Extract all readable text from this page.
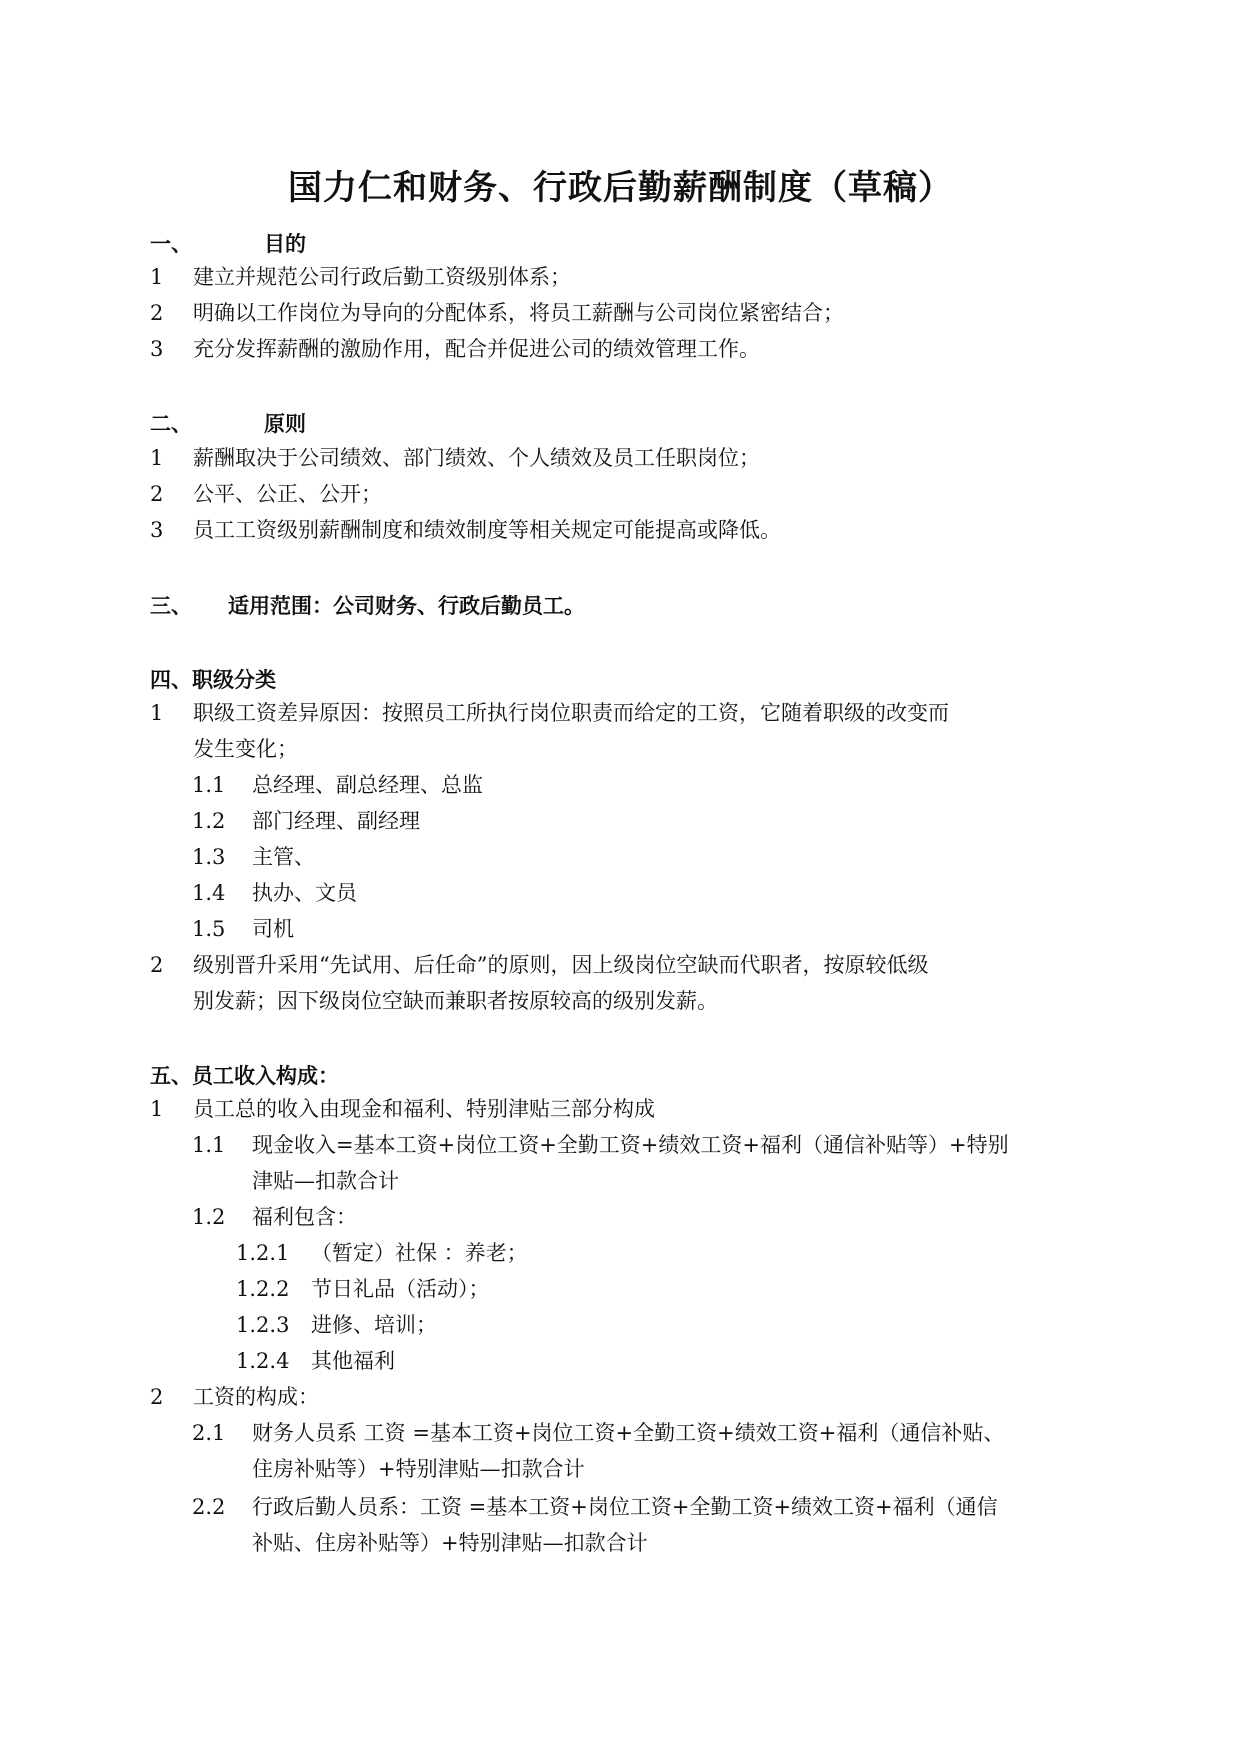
国力仁和财务、行政后勤薪酬制度（草稿）
一、	目的
1 建立并规范公司行政后勤工资级别体系；
2 明确以工作岗位为导向的分配体系，将员工薪酬与公司岗位紧密结合；
3 充分发挥薪酬的激励作用，配合并促进公司的绩效管理工作。
二、	原则
1 薪酬取决于公司绩效、部门绩效、个人绩效及员工任职岗位；
2 公平、公正、公开；
3 员工工资级别薪酬制度和绩效制度等相关规定可能提高或降低。
三、 适用范围：公司财务、行政后勤员工。
四、职级分类
1 职级工资差异原因：按照员工所执行岗位职责而给定的工资，它随着职级的改变而
发生变化；
1.1 总经理、副总经理、总监
1.2 部门经理、副经理
1.3 主管、
1.4 执办、文员
1.5 司机
2 级别晋升采用“先试用、后任命”的原则，因上级岗位空缺而代职者，按原较低级
别发薪；因下级岗位空缺而兼职者按原较高的级别发薪。
五、员工收入构成：
1 员工总的收入由现金和福利、特别津贴三部分构成
1.1 现金收入=基本工资+岗位工资+全勤工资+绩效工资+福利（通信补贴等）+特别
津贴—扣款合计
1.2 福利包含：
1.2.1 （暂定）社保 ：养老；
1.2.2 节日礼品（活动）；
1.2.3 进修、培训；
1.2.4 其他福利
2 工资的构成：
2.1 财务人员系 工资 =基本工资+岗位工资+全勤工资+绩效工资+福利（通信补贴、
住房补贴等）+特别津贴—扣款合计
2.2 行政后勤人员系：工资 =基本工资+岗位工资+全勤工资+绩效工资+福利（通信
补贴、住房补贴等）+特别津贴—扣款合计
